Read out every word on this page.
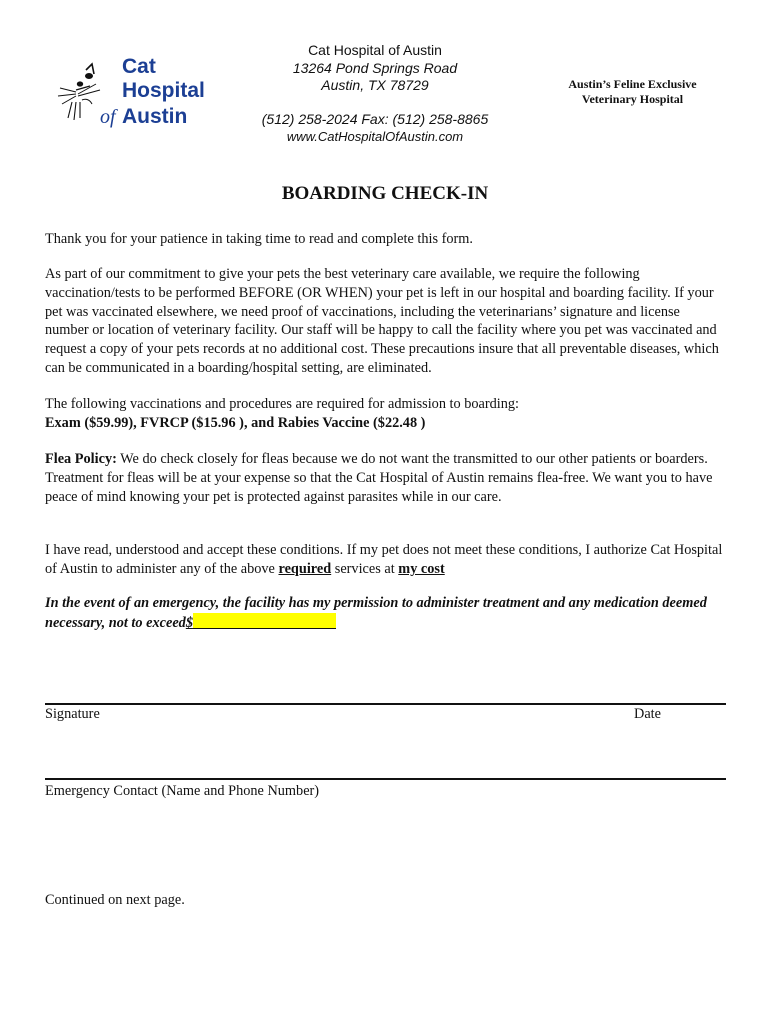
Cat
Hospital
of Austin
Cat Hospital of Austin
13264 Pond Springs Road
Austin, TX 78729
(512) 258-2024 Fax: (512) 258-8865
www.CatHospitalOfAustin.com
Austin’s Feline Exclusive
Veterinary Hospital
BOARDING CHECK-IN
Thank you for your patience in taking time to read and complete this form.
As part of our commitment to give your pets the best veterinary care available, we require the following vaccination/tests to be performed BEFORE (OR WHEN) your pet is left in our hospital and boarding facility. If your pet was vaccinated elsewhere, we need proof of vaccinations, including the veterinarians’ signature and license number or location of veterinary facility. Our staff will be happy to call the facility where you pet was vaccinated and request a copy of your pets records at no additional cost. These precautions insure that all preventable diseases, which can be communicated in a boarding/hospital setting, are eliminated.
The following vaccinations and procedures are required for admission to boarding:
Exam ($59.99), FVRCP ($15.96 ), and Rabies Vaccine ($22.48 )
Flea Policy: We do check closely for fleas because we do not want the transmitted to our other patients or boarders. Treatment for fleas will be at your expense so that the Cat Hospital of Austin remains flea-free. We want you to have peace of mind knowing your pet is protected against parasites while in our care.
I have read, understood and accept these conditions. If my pet does not meet these conditions, I authorize Cat Hospital of Austin to administer any of the above required services at my cost
In the event of an emergency, the facility has my permission to administer treatment and any medication deemed necessary, not to exceed$
Signature	Date
Emergency Contact (Name and Phone Number)
Continued on next page.
